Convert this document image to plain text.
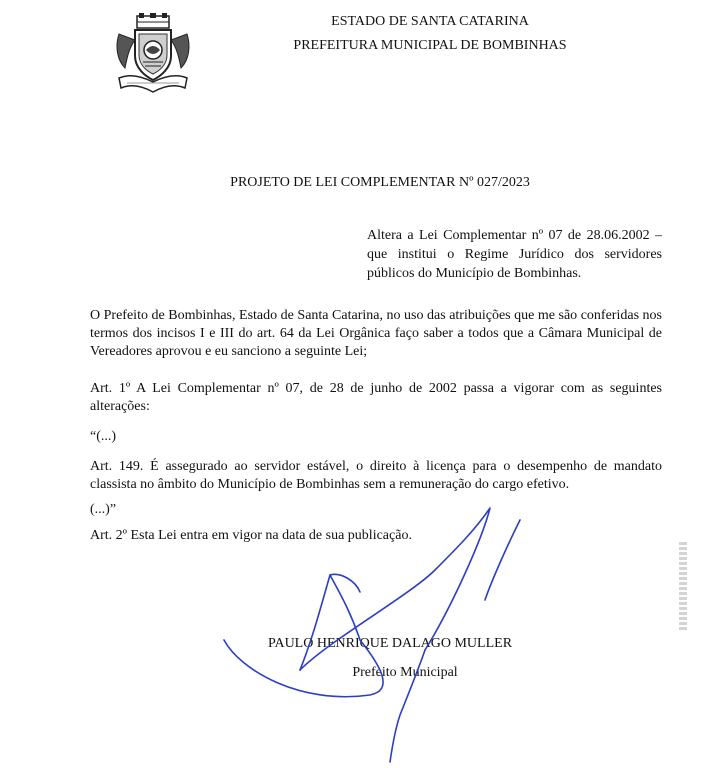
ESTADO DE SANTA CATARINA
PREFEITURA MUNICIPAL DE BOMBINHAS
PROJETO DE LEI COMPLEMENTAR Nº 027/2023
Altera a Lei Complementar nº 07 de 28.06.2002 – que institui o Regime Jurídico dos servidores públicos do Município de Bombinhas.
O Prefeito de Bombinhas, Estado de Santa Catarina, no uso das atribuições que me são conferidas nos termos dos incisos I e III do art. 64 da Lei Orgânica faço saber a todos que a Câmara Municipal de Vereadores aprovou e eu sanciono a seguinte Lei;
Art. 1º A Lei Complementar nº 07, de 28 de junho de 2002 passa a vigorar com as seguintes alterações:
“(...)
Art. 149. É assegurado ao servidor estável, o direito à licença para o desempenho de mandato classista no âmbito do Município de Bombinhas sem a remuneração do cargo efetivo.
(...)”
Art. 2º Esta Lei entra em vigor na data de sua publicação.
PAULO HENRIQUE DALAGO MULLER
Prefeito Municipal
